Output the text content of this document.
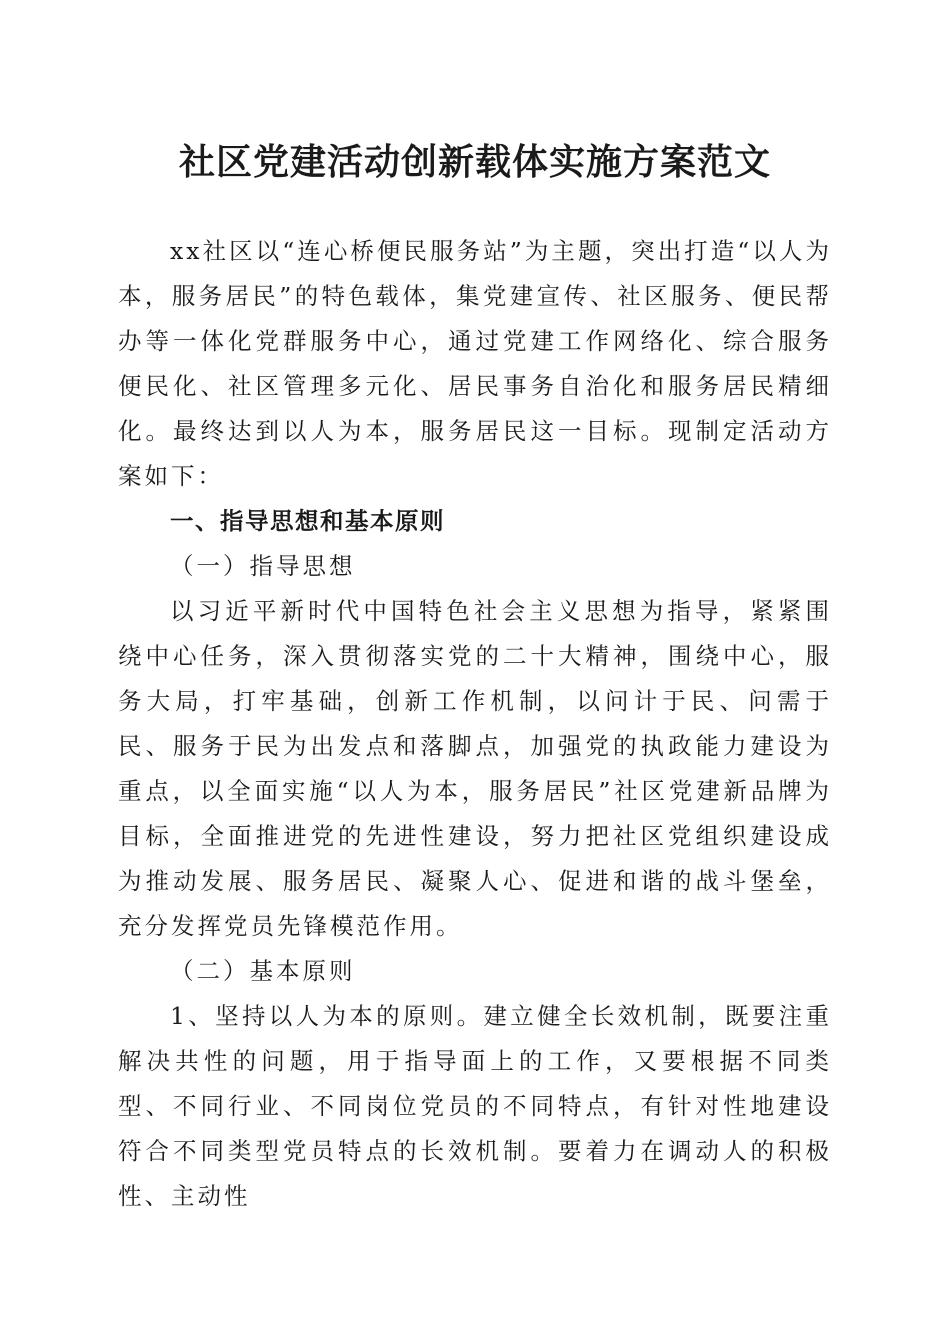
社区党建活动创新载体实施方案范文

xx社区以“连心桥便民服务站”为主题，突出打造“以人为本，服务居民”的特色载体，集党建宣传、社区服务、便民帮办等一体化党群服务中心，通过党建工作网络化、综合服务便民化、社区管理多元化、居民事务自治化和服务居民精细化。最终达到以人为本，服务居民这一目标。现制定活动方案如下：

一、指导思想和基本原则

（一）指导思想

以习近平新时代中国特色社会主义思想为指导，紧紧围绕中心任务，深入贯彻落实党的二十大精神，围绕中心，服务大局，打牢基础，创新工作机制，以问计于民、问需于民、服务于民为出发点和落脚点，加强党的执政能力建设为重点，以全面实施“以人为本，服务居民”社区党建新品牌为目标，全面推进党的先进性建设，努力把社区党组织建设成为推动发展、服务居民、凝聚人心、促进和谐的战斗堡垒，充分发挥党员先锋模范作用。

（二）基本原则

1、坚持以人为本的原则。建立健全长效机制，既要注重解决共性的问题，用于指导面上的工作，又要根据不同类型、不同行业、不同岗位党员的不同特点，有针对性地建设符合不同类型党员特点的长效机制。要着力在调动人的积极性、主动性
